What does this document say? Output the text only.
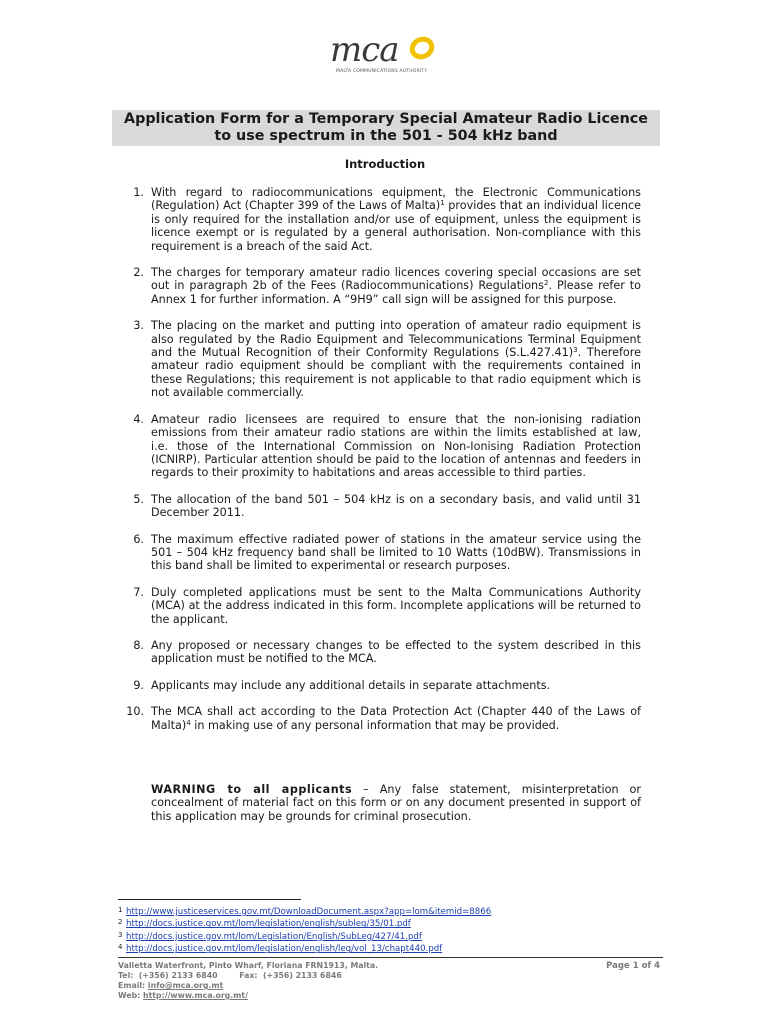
mca
MALTA COMMUNICATIONS AUTHORITY
Application Form for a Temporary Special Amateur Radio Licence
to use spectrum in the 501 - 504 kHz band
Introduction
1. With regard to radiocommunications equipment, the Electronic Communications (Regulation) Act (Chapter 399 of the Laws of Malta)$^1$ provides that an individual licence is only required for the installation and/or use of equipment, unless the equipment is licence exempt or is regulated by a general authorisation. Non-compliance with this requirement is a breach of the said Act.
2. The charges for temporary amateur radio licences covering special occasions are set out in paragraph 2b of the Fees (Radiocommunications) Regulations$^2$. Please refer to Annex 1 for further information. A “9H9” call sign will be assigned for this purpose.
3. The placing on the market and putting into operation of amateur radio equipment is also regulated by the Radio Equipment and Telecommunications Terminal Equipment and the Mutual Recognition of their Conformity Regulations $(S.L.427.41)^3$. Therefore amateur radio equipment should be compliant with the requirements contained in these Regulations; this requirement is not applicable to that radio equipment which is not available commercially.
4. Amateur radio licensees are required to ensure that the non-ionising radiation emissions from their amateur radio stations are within the limits established at law, i.e. those of the International Commission on Non-Ionising Radiation Protection (ICNIRP). Particular attention should be paid to the location of antennas and feeders in regards to their proximity to habitations and areas accessible to third parties.
5. The allocation of the band 501 – 504 kHz is on a secondary basis, and valid until 31 December 2011.
6. The maximum effective radiated power of stations in the amateur service using the 501 – 504 kHz frequency band shall be limited to 10 Watts (10dBW). Transmissions in this band shall be limited to experimental or research purposes.
7. Duly completed applications must be sent to the Malta Communications Authority (MCA) at the address indicated in this form. Incomplete applications will be returned to the applicant.
8. Any proposed or necessary changes to be effected to the system described in this application must be notified to the MCA.
9. Applicants may include any additional details in separate attachments.
10. The MCA shall act according to the Data Protection Act (Chapter 440 of the Laws of Malta)$^4$ in making use of any personal information that may be provided.
WARNING to all applicants – Any false statement, misinterpretation or concealment of material fact on this form or on any document presented in support of this application may be grounds for criminal prosecution.
1 http://www.justiceservices.gov.mt/DownloadDocument.aspx?app=lom&itemid=8866
2 http://docs.justice.gov.mt/lom/legislation/english/subleg/35/01.pdf
3 http://docs.justice.gov.mt/lom/Legislation/English/SubLeg/427/41.pdf
4 http://docs.justice.gov.mt/lom/legislation/english/leg/vol_13/chapt440.pdf
Valletta Waterfront, Pinto Wharf, Floriana FRN1913, Malta.
Tel:  (+356) 2133 6840        Fax:  (+356) 2133 6846
Email: info@mca.org.mt
Web: http://www.mca.org.mt/
Page 1 of 4
